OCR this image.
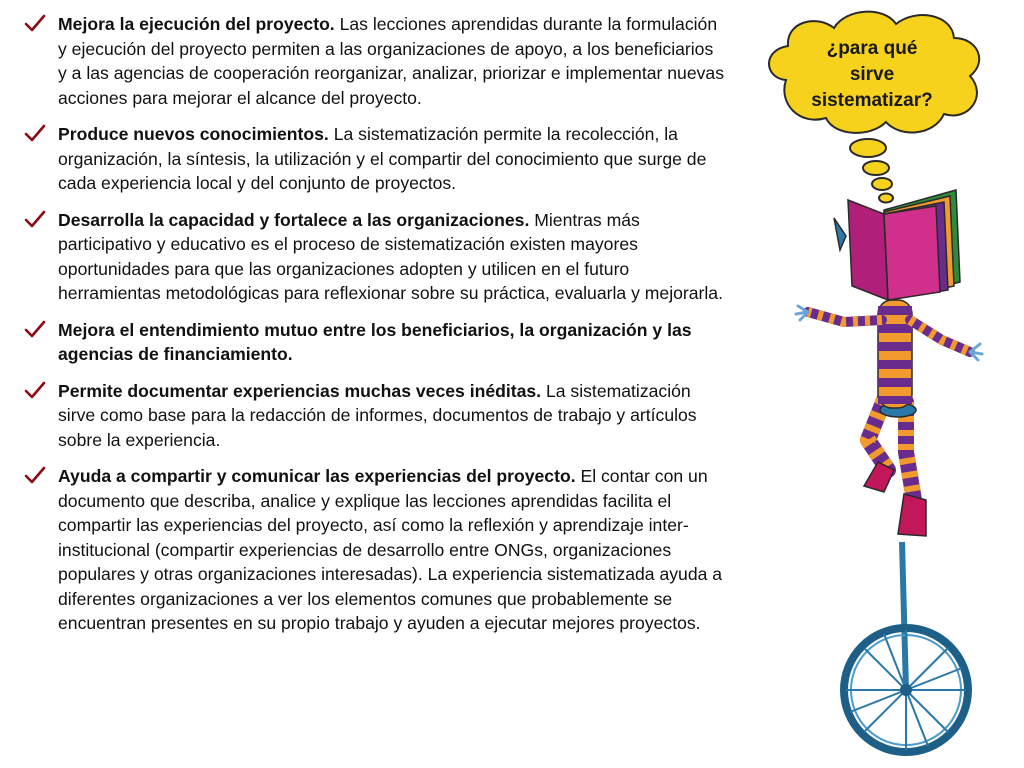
Mejora la ejecución del proyecto. Las lecciones aprendidas durante la formulación y ejecución del proyecto permiten a las organizaciones de apoyo, a los beneficiarios y a las agencias de cooperación reorganizar, analizar, priorizar e implementar nuevas acciones para mejorar el alcance del proyecto.
Produce nuevos conocimientos. La sistematización permite la recolección, la organización, la síntesis, la utilización y el compartir del conocimiento que surge de cada experiencia local y del conjunto de proyectos.
Desarrolla la capacidad y fortalece a las organizaciones. Mientras más participativo y educativo es el proceso de sistematización existen mayores oportunidades para que las organizaciones adopten y utilicen en el futuro herramientas metodológicas para reflexionar sobre su práctica, evaluarla y mejorarla.
Mejora el entendimiento mutuo entre los beneficiarios, la organización y las agencias de financiamiento.
Permite documentar experiencias muchas veces inéditas. La sistematización sirve como base para la redacción de informes, documentos de trabajo y artículos sobre la experiencia.
Ayuda a compartir y comunicar las experiencias del proyecto. El contar con un documento que describa, analice y explique las lecciones aprendidas facilita el compartir las experiencias del proyecto, así como la reflexión y aprendizaje inter-institucional (compartir experiencias de desarrollo entre ONGs, organizaciones populares y otras organizaciones interesadas). La experiencia sistematizada ayuda a diferentes organizaciones a ver los elementos comunes que probablemente se encuentran presentes en su propio trabajo y ayuden a ejecutar mejores proyectos.
¿para qué
sirve
sistematizar?
